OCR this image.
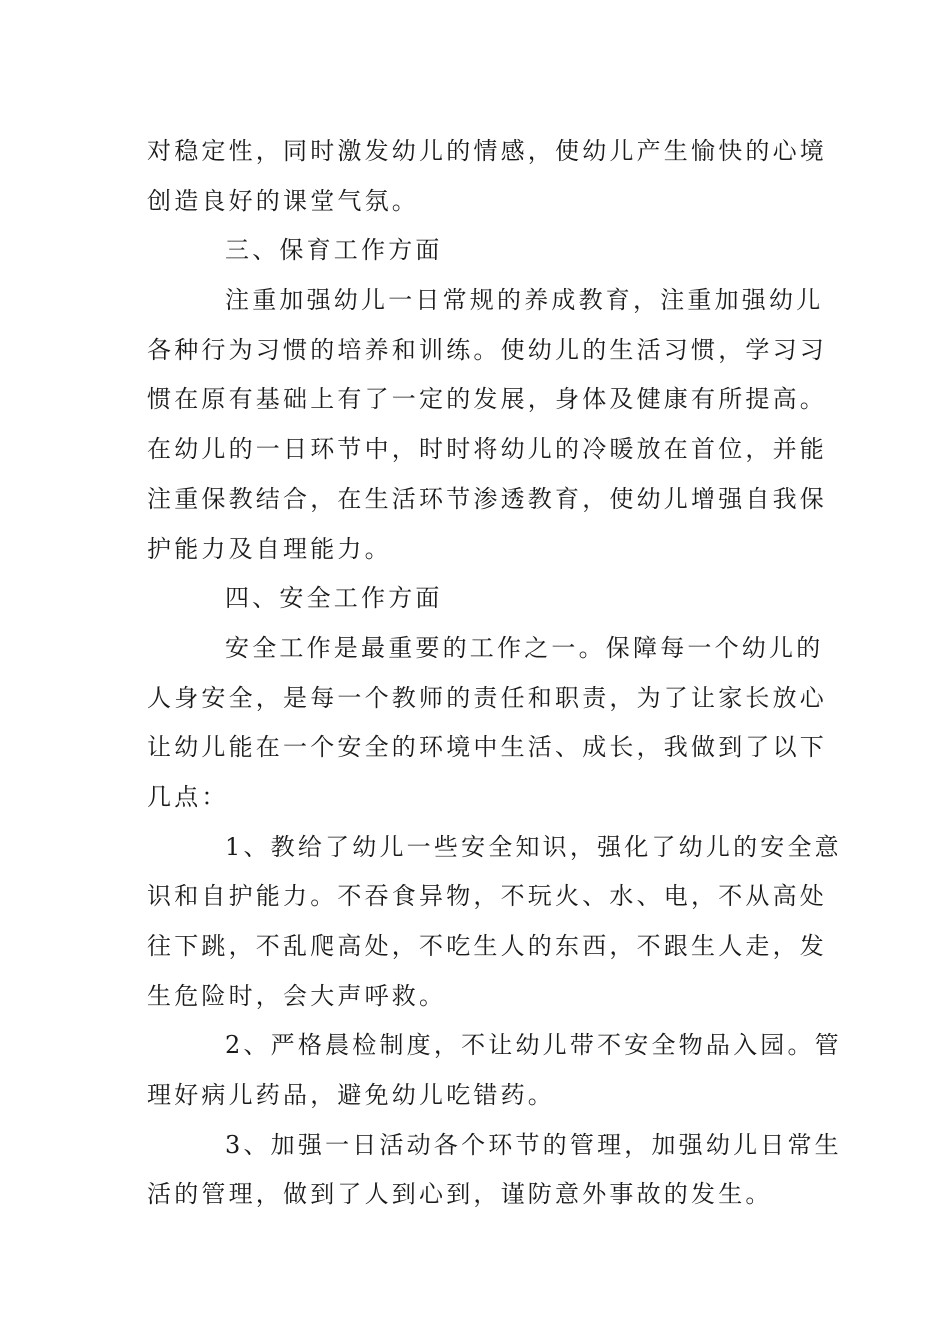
对稳定性，同时激发幼儿的情感，使幼儿产生愉快的心境
创造良好的课堂气氛。
三、保育工作方面
注重加强幼儿一日常规的养成教育，注重加强幼儿
各种行为习惯的培养和训练。使幼儿的生活习惯，学习习
惯在原有基础上有了一定的发展，身体及健康有所提高。
在幼儿的一日环节中，时时将幼儿的冷暖放在首位，并能
注重保教结合，在生活环节渗透教育，使幼儿增强自我保
护能力及自理能力。
四、安全工作方面
安全工作是最重要的工作之一。保障每一个幼儿的
人身安全，是每一个教师的责任和职责，为了让家长放心
让幼儿能在一个安全的环境中生活、成长，我做到了以下
几点：
1、教给了幼儿一些安全知识，强化了幼儿的安全意
识和自护能力。不吞食异物，不玩火、水、电，不从高处
往下跳，不乱爬高处，不吃生人的东西，不跟生人走，发
生危险时，会大声呼救。
2、严格晨检制度，不让幼儿带不安全物品入园。管
理好病儿药品，避免幼儿吃错药。
3、加强一日活动各个环节的管理，加强幼儿日常生
活的管理，做到了人到心到，谨防意外事故的发生。
